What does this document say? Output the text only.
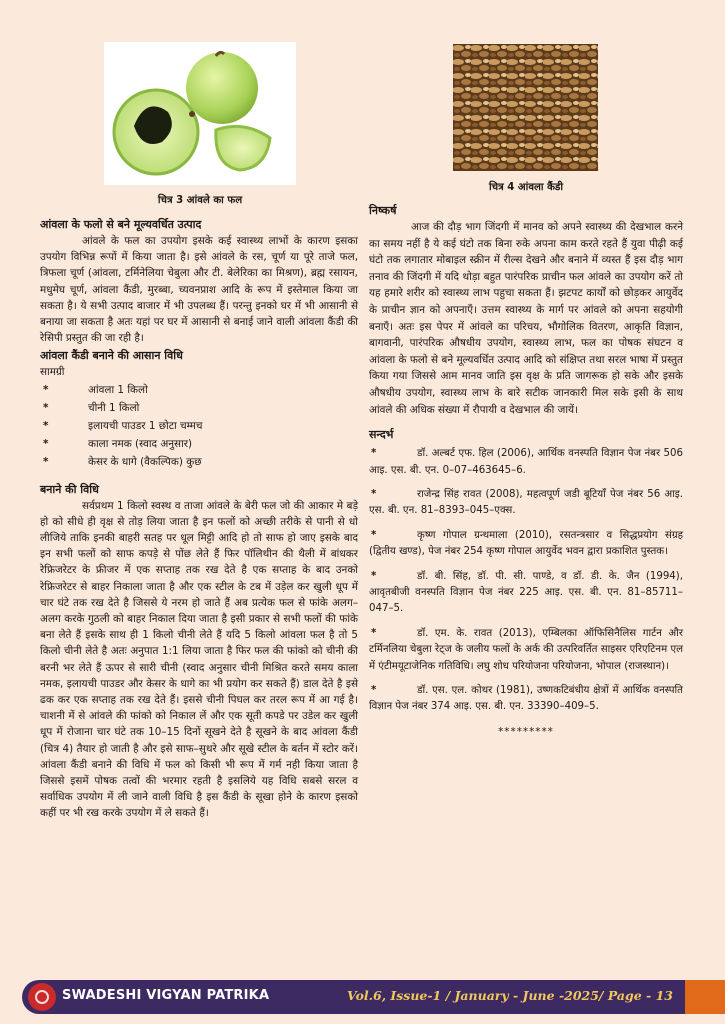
चित्र 3 आंवले का फल

चित्र 4 आंवला कैंडी

आंवला के फलो से बने मूल्यवर्धित उत्पाद

आंवले के फल का उपयोग इसके कई स्वास्थ्य लाभों के कारण इसका उपयोग विभिन्न रूपों में किया जाता है। इसे आंवले के रस, चूर्ण या पूरे ताजे फल, त्रिफला चूर्ण (आंवला, टर्मिनेलिया चेबुला और टी. बेलेरिका का मिश्रण), ब्रह्म रसायन, मधुमेघ चूर्ण, आंवला कैंडी, मुरब्बा, च्यवनप्राश आदि के रूप में इस्तेमाल किया जा सकता है। ये सभी उत्पाद बाजार में भी उपलब्ध हैं। परन्तु इनको घर में भी आसानी से बनाया जा सकता है अतः यहां पर घर में आसानी से बनाई जाने वाली आंवला कैंडी की रेसिपी प्रस्तुत की जा रही है।

आंवला कैंडी बनाने की आसान विधि

सामग्री

* आंवला 1 किलो
* चीनी 1 किलो
* इलायची पाउडर 1 छोटा चम्मच
* काला नमक (स्वाद अनुसार)
* केसर के धागे (वैकल्पिक) कुछ

बनाने की विधि

सर्वप्रथम 1 किलो स्वस्थ व ताजा आंवले के बेरी फल जो की आकार मे बड़े हो को सीधे ही वृक्ष से तोड़ लिया जाता है इन फलों को अच्छी तरीके से पानी से धो लीजिये ताकि इनकी बाहरी सतह पर धूल मिट्टी आदि हो तो साफ हो जाए इसके बाद इन सभी फलों को साफ कपड़े से पोंछ लेते हैं फिर पॉलिथीन की थैली में बांधकर रेफ्रिजरेटर के फ्रीजर में एक सप्ताह तक रख देते है एक सप्ताह के बाद उनको रेफ्रिजरेटर से बाहर निकाला जाता है और एक स्टील के टब में उड़ेल कर खुली धूप में चार घंटे तक रख देते है जिससे ये नरम हो जाते हैं अब प्रत्येक फल से फांके अलग–अलग करके गुठली को बाहर निकाल दिया जाता है इसी प्रकार से सभी फलों की फांके बना लेते हैं इसके साथ ही 1 किलो चीनी लेते हैं यदि 5 किलो आंवला फल है तो 5 किलो चीनी लेते है अतः अनुपात 1:1 लिया जाता है फिर फल की फांको को चीनी की बरनी भर लेते हैं ऊपर से सारी चीनी (स्वाद अनुसार चीनी मिश्रित करते समय काला नमक, इलायची पाउडर और केसर के धागे का भी प्रयोग कर सकते हैं) डाल देते है इसे ढक कर एक सप्ताह तक रख देते हैं। इससे चीनी पिघल कर तरल रूप में आ गई है। चाशनी में से आंवले की फांको को निकाल लें और एक सूती कपडे पर उडेल कर खुली धूप में रोजाना चार घंटे तक 10–15 दिनों सूखने देते है सूखने के बाद आंवला कैंडी (चित्र 4) तैयार हो जाती है और इसे साफ–सुथरे और सूखे स्टील के बर्तन में स्टोर करें। आंवला कैंडी बनाने की विधि में फल को किसी भी रूप में गर्म नही किया जाता है जिससे इसमें पोषक तत्वों की भरमार रहती है इसलिये यह विधि सबसे सरल व सर्वाधिक उपयोग में ली जाने वाली विधि है इस कैंडी के सूखा होने के कारण इसको कहीं पर भी रख करके उपयोग में ले सकते हैं।

निष्कर्ष

आज की दौड़ भाग जिंदगी में मानव को अपने स्वास्थ्य की देखभाल करने का समय नहीं है ये कई घंटो तक बिना रुके अपना काम करते रहते हैं युवा पीढ़ी कई घंटो तक लगातार मोबाइल स्क्रीन में रील्स देखने और बनाने में व्यस्त हैं इस दौड़ भाग तनाव की जिंदगी में यदि थोड़ा बहुत पारंपरिक प्राचीन फल आंवले का उपयोग करें तो यह हमारे शरीर को स्वास्थ्य लाभ पहुचा सकता हैं। झटपट कार्यों को छोड़कर आयुर्वेद के प्राचीन ज्ञान को अपनाएँ। उत्तम स्वास्थ्य के मार्ग पर आंवले को अपना सहयोगी बनाएँ। अतः इस पेपर में आंवले का परिचय, भौगोलिक वितरण, आकृति विज्ञान, बागवानी, पारंपरिक औषधीय उपयोग, स्वास्थ्य लाभ, फल का पोषक संघटन व आंवला के फलो से बने मूल्यवर्धित उत्पाद आदि को संक्षिप्त तथा सरल भाषा में प्रस्तुत किया गया जिससे आम मानव जाति इस वृक्ष के प्रति जागरूक हो सके और इसके औषधीय उपयोग, स्वास्थ्य लाभ के बारे सटीक जानकारी मिल सके इसी के साथ आंवले की अधिक संख्या में रौपायी व देखभाल की जायें।

सन्दर्भ

*	डॉ. अल्बर्ट एफ. हिल (2006), आर्थिक वनस्पति विज्ञान पेज नंबर 506 आइ. एस. बी. एन. 0–07–463645–6.
*	राजेन्द्र सिंह रावत (2008), महत्वपूर्ण जडी बूटियॉं पेज नंबर 56 आइ. एस. बी. एन. 81–8393–045–एक्स.
*	कृष्ण गोपाल ग्रन्थमाला (2010), रसतन्त्रसार व सिद्धप्रयोग संग्रह (द्वितीय खण्ड), पेज नंबर 254 कृष्ण गोपाल आयुर्वेद भवन द्वारा प्रकाशित पुस्तक।
*	डॉ. बी. सिंह, डॉ. पी. सी. पाण्डे, व डॉ. डी. के. जैन (1994), आवृतबीजी वनस्पति विज्ञान पेज नंबर 225 आइ. एस. बी. एन. 81–85711–047–5.
*	डॉ. एम. के. रावत (2013), एम्बिलका ऑफिसिनैलिस गार्टन और टर्मिनलिया चेबुला रेट्ज के जलीय फलों के अर्क की उत्परिवर्तित साइसर एरिएटिनम एल में एंटीमयूटाजेनिक गतिविधि। लघु शोध परियोजना परियोजना, भोपाल (राजस्थान)।
*	डॉ. एस. एल. कोथर (1981), उष्णकटिबंधीय क्षेत्रों में आर्थिक वनस्पति विज्ञान पेज नंबर 374 आइ. एस. बी. एन. 33390–409–5.

*********

SWADESHI VIGYAN PATRIKA	Vol.6, Issue-1 / January - June -2025/ Page - 13
